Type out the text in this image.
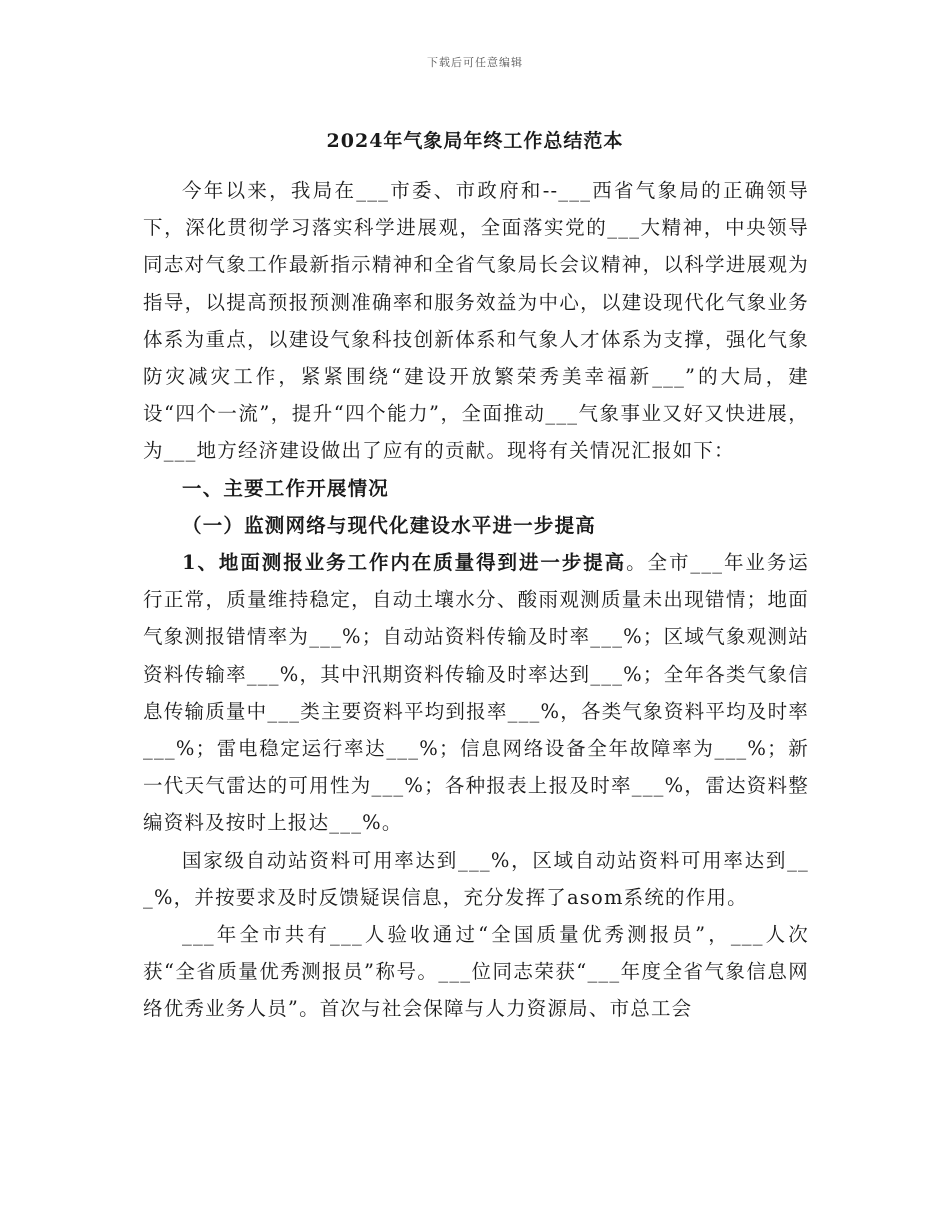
下载后可任意编辑
2024年气象局年终工作总结范本

今年以来，我局在___市委、市政府和--___西省气象局的正确领导下，深化贯彻学习落实科学进展观，全面落实党的___大精神，中央领导同志对气象工作最新指示精神和全省气象局长会议精神，以科学进展观为指导，以提高预报预测准确率和服务效益为中心，以建设现代化气象业务体系为重点，以建设气象科技创新体系和气象人才体系为支撑，强化气象防灾减灾工作，紧紧围绕“建设开放繁荣秀美幸福新___”的大局，建设“四个一流”，提升“四个能力”，全面推动___气象事业又好又快进展，为___地方经济建设做出了应有的贡献。现将有关情况汇报如下：

一、主要工作开展情况

（一）监测网络与现代化建设水平进一步提高

1、地面测报业务工作内在质量得到进一步提高。全市___年业务运行正常，质量维持稳定，自动土壤水分、酸雨观测质量未出现错情；地面气象测报错情率为___%；自动站资料传输及时率___%；区域气象观测站资料传输率___%，其中汛期资料传输及时率达到___%；全年各类气象信息传输质量中___类主要资料平均到报率___%，各类气象资料平均及时率___%；雷电稳定运行率达___%；信息网络设备全年故障率为___%；新一代天气雷达的可用性为___%；各种报表上报及时率___%，雷达资料整编资料及按时上报达___%。

国家级自动站资料可用率达到___%，区域自动站资料可用率达到___%，并按要求及时反馈疑误信息，充分发挥了asom系统的作用。

___年全市共有___人验收通过“全国质量优秀测报员”，___人次获“全省质量优秀测报员”称号。___位同志荣获“___年度全省气象信息网络优秀业务人员”。首次与社会保障与人力资源局、市总工会
